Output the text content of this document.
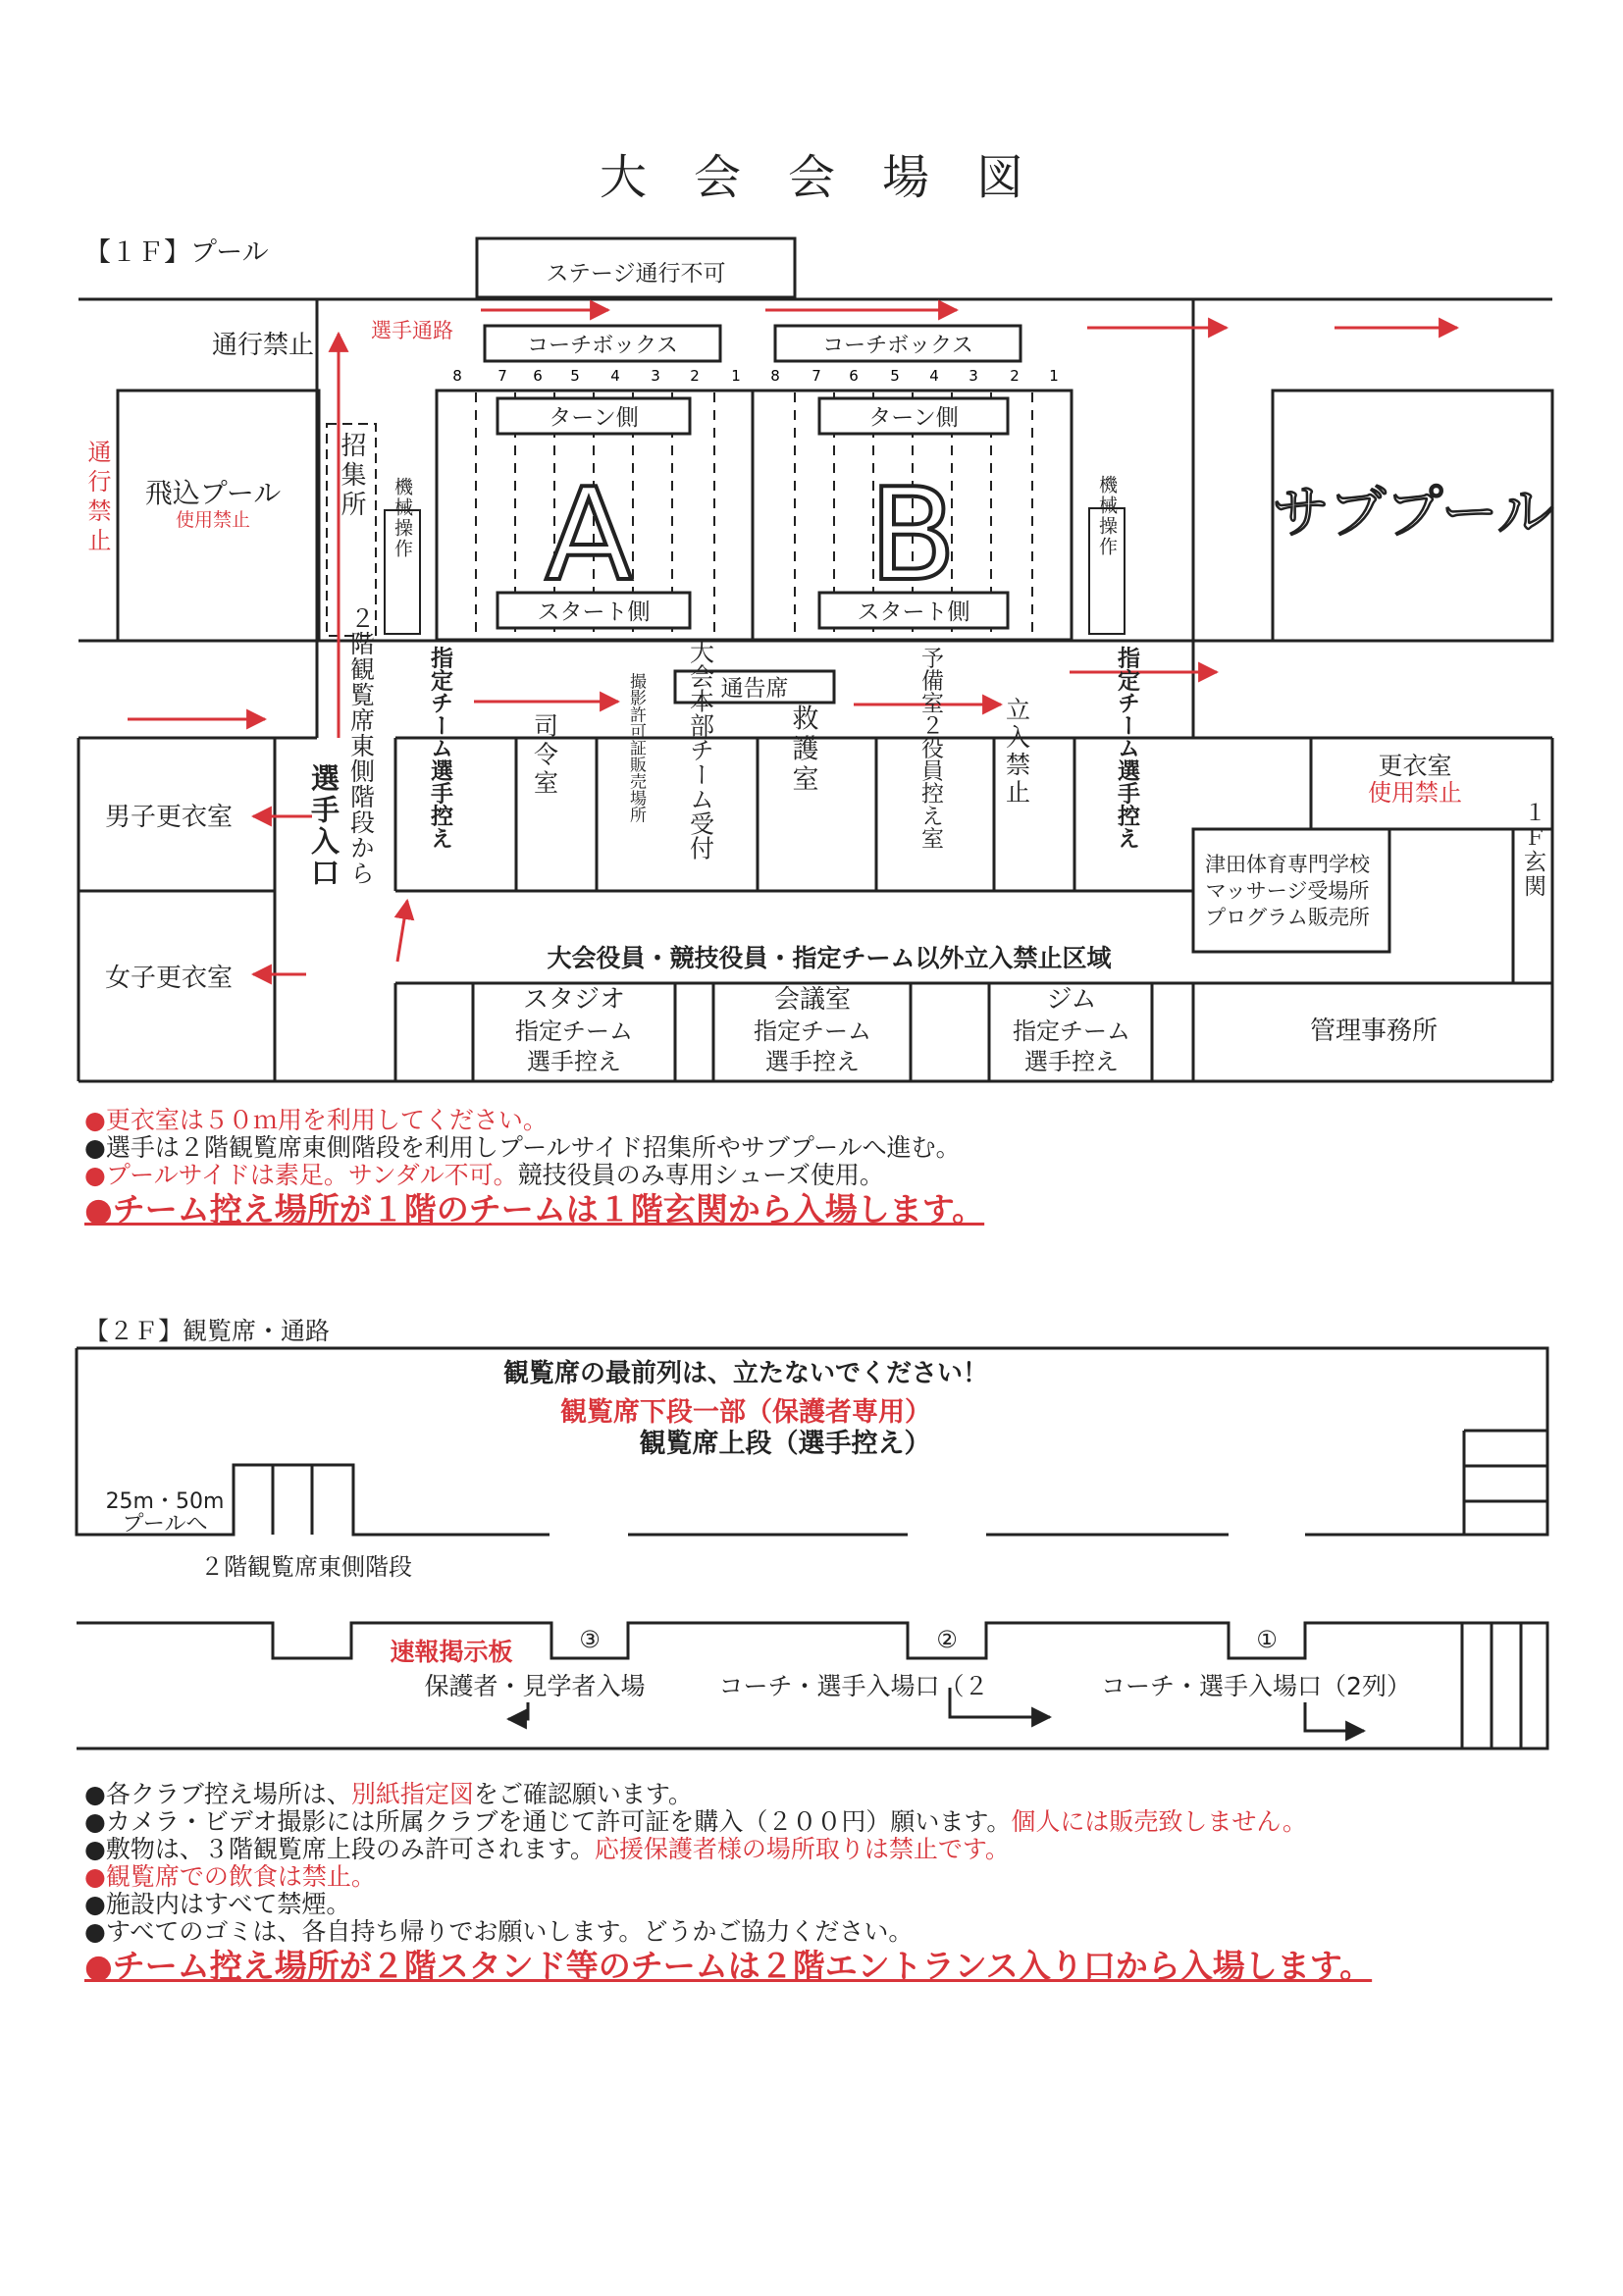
大　会　会　場　図
【１Ｆ】プール
ステージ通行不可
通行禁止
飛込プール
使用禁止
通行禁止	招集所 機械操作
コーチボックス	コーチボックス
選手通路
8 7 6 5 4 3 2 1 8 7 6 5 4 3 2 1
ターン側
スタート側
A
ターン側
スタート側
B	機械操作	サブプール
通告席
男子更衣室
女子更衣室
２階観覧席東側階段から
選手入口	指定チーム選手控え	司令室	撮影許可証販売場所 大会本部チーム受付	救護室	予備室２役員控え室 立入禁止	指定チーム選手控え	更衣室
使用禁止
津田体育専門学校
マッサージ受場所
プログラム販売所
１Ｆ玄関
大会役員・競技役員・指定チーム以外立入禁止区域
スタジオ
指定チーム
選手控え
会議室
指定チーム
選手控え
ジム
指定チーム
選手控え
管理事務所
【２Ｆ】観覧席・通路
観覧席の最前列は、立たないでください！
観覧席下段一部（保護者専用）
観覧席上段（選手控え）
25m・50m
プールへ
２階観覧席東側階段
③	②	①
速報掲示板
保護者・見学者入場	コーチ・選手入場口（２	コーチ・選手入場口（2列）
●更衣室は５０ｍ用を利用してください。
●選手は２階観覧席東側階段を利用しプールサイド招集所やサブプールへ進む。
●プールサイドは素足。サンダル不可。競技役員のみ専用シューズ使用。
●チーム控え場所が１階のチームは１階玄関から入場します。
●各クラブ控え場所は、別紙指定図をご確認願います。
●カメラ・ビデオ撮影には所属クラブを通じて許可証を購入（２００円）願います。個人には販売致しません。
●敷物は、３階観覧席上段のみ許可されます。応援保護者様の場所取りは禁止です。
●観覧席での飲食は禁止。
●施設内はすべて禁煙。
●すべてのゴミは、各自持ち帰りでお願いします。どうかご協力ください。
●チーム控え場所が２階スタンド等のチームは２階エントランス入り口から入場します。
